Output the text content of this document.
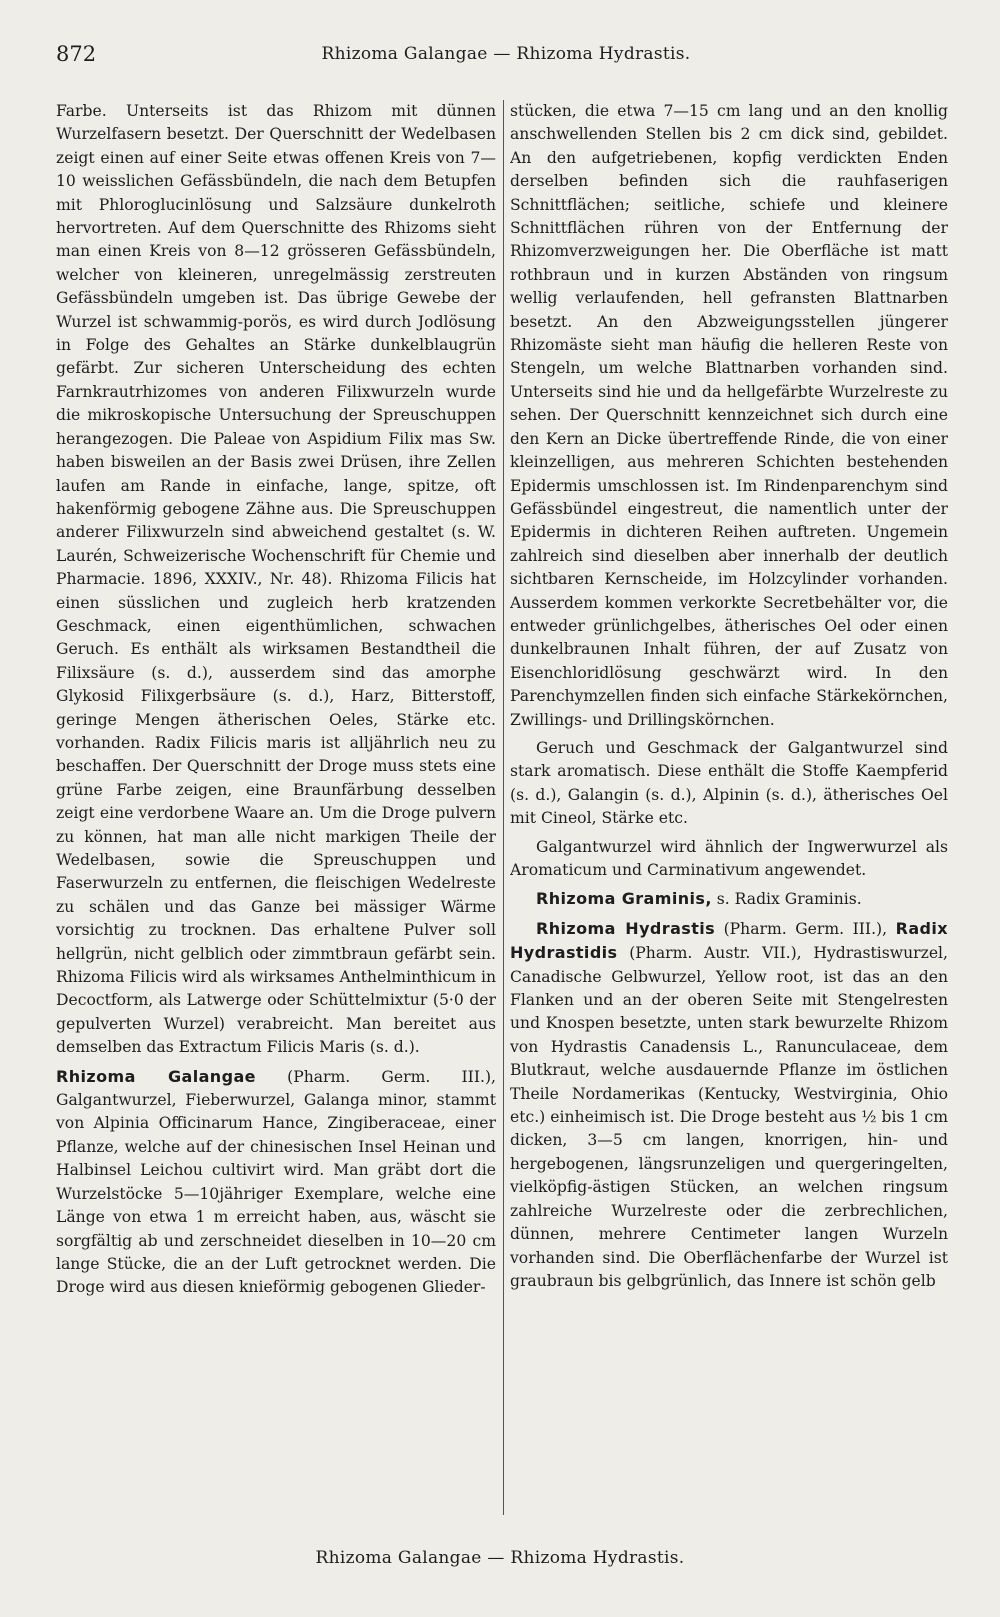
872	Rhizoma Galangae — Rhizoma Hydrastis.

Farbe. Unterseits ist das Rhizom mit dünnen Wurzelfasern besetzt. Der Querschnitt der Wedelbasen zeigt einen auf einer Seite etwas offenen Kreis von 7—10 weisslichen Gefässbündeln, die nach dem Betupfen mit Phloroglucinlösung und Salzsäure dunkelroth hervortreten. Auf dem Querschnitte des Rhizoms sieht man einen Kreis von 8—12 grösseren Gefässbündeln, welcher von kleineren, unregelmässig zerstreuten Gefässbündeln umgeben ist. Das übrige Gewebe der Wurzel ist schwammig-porös, es wird durch Jodlösung in Folge des Gehaltes an Stärke dunkelblaugrün gefärbt. Zur sicheren Unterscheidung des echten Farnkrautrhizomes von anderen Filixwurzeln wurde die mikroskopische Untersuchung der Spreuschuppen herangezogen. Die Paleae von Aspidium Filix mas Sw. haben bisweilen an der Basis zwei Drüsen, ihre Zellen laufen am Rande in einfache, lange, spitze, oft hakenförmig gebogene Zähne aus. Die Spreuschuppen anderer Filixwurzeln sind abweichend gestaltet (s. W. Laurén, Schweizerische Wochenschrift für Chemie und Pharmacie. 1896, XXXIV., Nr. 48). Rhizoma Filicis hat einen süsslichen und zugleich herb kratzenden Geschmack, einen eigenthümlichen, schwachen Geruch. Es enthält als wirksamen Bestandtheil die Filixsäure (s. d.), ausserdem sind das amorphe Glykosid Filixgerbsäure (s. d.), Harz, Bitterstoff, geringe Mengen ätherischen Oeles, Stärke etc. vorhanden. Radix Filicis maris ist alljährlich neu zu beschaffen. Der Querschnitt der Droge muss stets eine grüne Farbe zeigen, eine Braunfärbung desselben zeigt eine verdorbene Waare an. Um die Droge pulvern zu können, hat man alle nicht markigen Theile der Wedelbasen, sowie die Spreuschuppen und Faserwurzeln zu entfernen, die fleischigen Wedelreste zu schälen und das Ganze bei mässiger Wärme vorsichtig zu trocknen. Das erhaltene Pulver soll hellgrün, nicht gelblich oder zimmtbraun gefärbt sein. Rhizoma Filicis wird als wirksames Anthelminthicum in Decoctform, als Latwerge oder Schüttelmixtur (5·0 der gepulverten Wurzel) verabreicht. Man bereitet aus demselben das Extractum Filicis Maris (s. d.).

Rhizoma Galangae (Pharm. Germ. III.), Galgantwurzel, Fieberwurzel, Galanga minor, stammt von Alpinia Officinarum Hance, Zingiberaceae, einer Pflanze, welche auf der chinesischen Insel Heinan und Halbinsel Leichou cultivirt wird. Man gräbt dort die Wurzelstöcke 5—10jähriger Exemplare, welche eine Länge von etwa 1 m erreicht haben, aus, wäscht sie sorgfältig ab und zerschneidet dieselben in 10—20 cm lange Stücke, die an der Luft getrocknet werden. Die Droge wird aus diesen knieförmig gebogenen Glieder-

stücken, die etwa 7—15 cm lang und an den knollig anschwellenden Stellen bis 2 cm dick sind, gebildet. An den aufgetriebenen, kopfig verdickten Enden derselben befinden sich die rauhfaserigen Schnittflächen; seitliche, schiefe und kleinere Schnittflächen rühren von der Entfernung der Rhizomverzweigungen her. Die Oberfläche ist matt rothbraun und in kurzen Abständen von ringsum wellig verlaufenden, hell gefransten Blattnarben besetzt. An den Abzweigungsstellen jüngerer Rhizomäste sieht man häufig die helleren Reste von Stengeln, um welche Blattnarben vorhanden sind. Unterseits sind hie und da hellgefärbte Wurzelreste zu sehen. Der Querschnitt kennzeichnet sich durch eine den Kern an Dicke übertreffende Rinde, die von einer kleinzelligen, aus mehreren Schichten bestehenden Epidermis umschlossen ist. Im Rindenparenchym sind Gefässbündel eingestreut, die namentlich unter der Epidermis in dichteren Reihen auftreten. Ungemein zahlreich sind dieselben aber innerhalb der deutlich sichtbaren Kernscheide, im Holzcylinder vorhanden. Ausserdem kommen verkorkte Secretbehälter vor, die entweder grünlichgelbes, ätherisches Oel oder einen dunkelbraunen Inhalt führen, der auf Zusatz von Eisenchloridlösung geschwärzt wird. In den Parenchymzellen finden sich einfache Stärkekörnchen, Zwillings- und Drillingskörnchen.

Geruch und Geschmack der Galgantwurzel sind stark aromatisch. Diese enthält die Stoffe Kaempferid (s. d.), Galangin (s. d.), Alpinin (s. d.), ätherisches Oel mit Cineol, Stärke etc.

Galgantwurzel wird ähnlich der Ingwerwurzel als Aromaticum und Carminativum angewendet.

Rhizoma Graminis, s. Radix Graminis.

Rhizoma Hydrastis (Pharm. Germ. III.), Radix Hydrastidis (Pharm. Austr. VII.), Hydrastiswurzel, Canadische Gelbwurzel, Yellow root, ist das an den Flanken und an der oberen Seite mit Stengelresten und Knospen besetzte, unten stark bewurzelte Rhizom von Hydrastis Canadensis L., Ranunculaceae, dem Blutkraut, welche ausdauernde Pflanze im östlichen Theile Nordamerikas (Kentucky, Westvirginia, Ohio etc.) einheimisch ist. Die Droge besteht aus ½ bis 1 cm dicken, 3—5 cm langen, knorrigen, hin- und hergebogenen, längsrunzeligen und quergeringelten, vielköpfig-ästigen Stücken, an welchen ringsum zahlreiche Wurzelreste oder die zerbrechlichen, dünnen, mehrere Centimeter langen Wurzeln vorhanden sind. Die Oberflächenfarbe der Wurzel ist graubraun bis gelbgrünlich, das Innere ist schön gelb

Rhizoma Galangae — Rhizoma Hydrastis.
